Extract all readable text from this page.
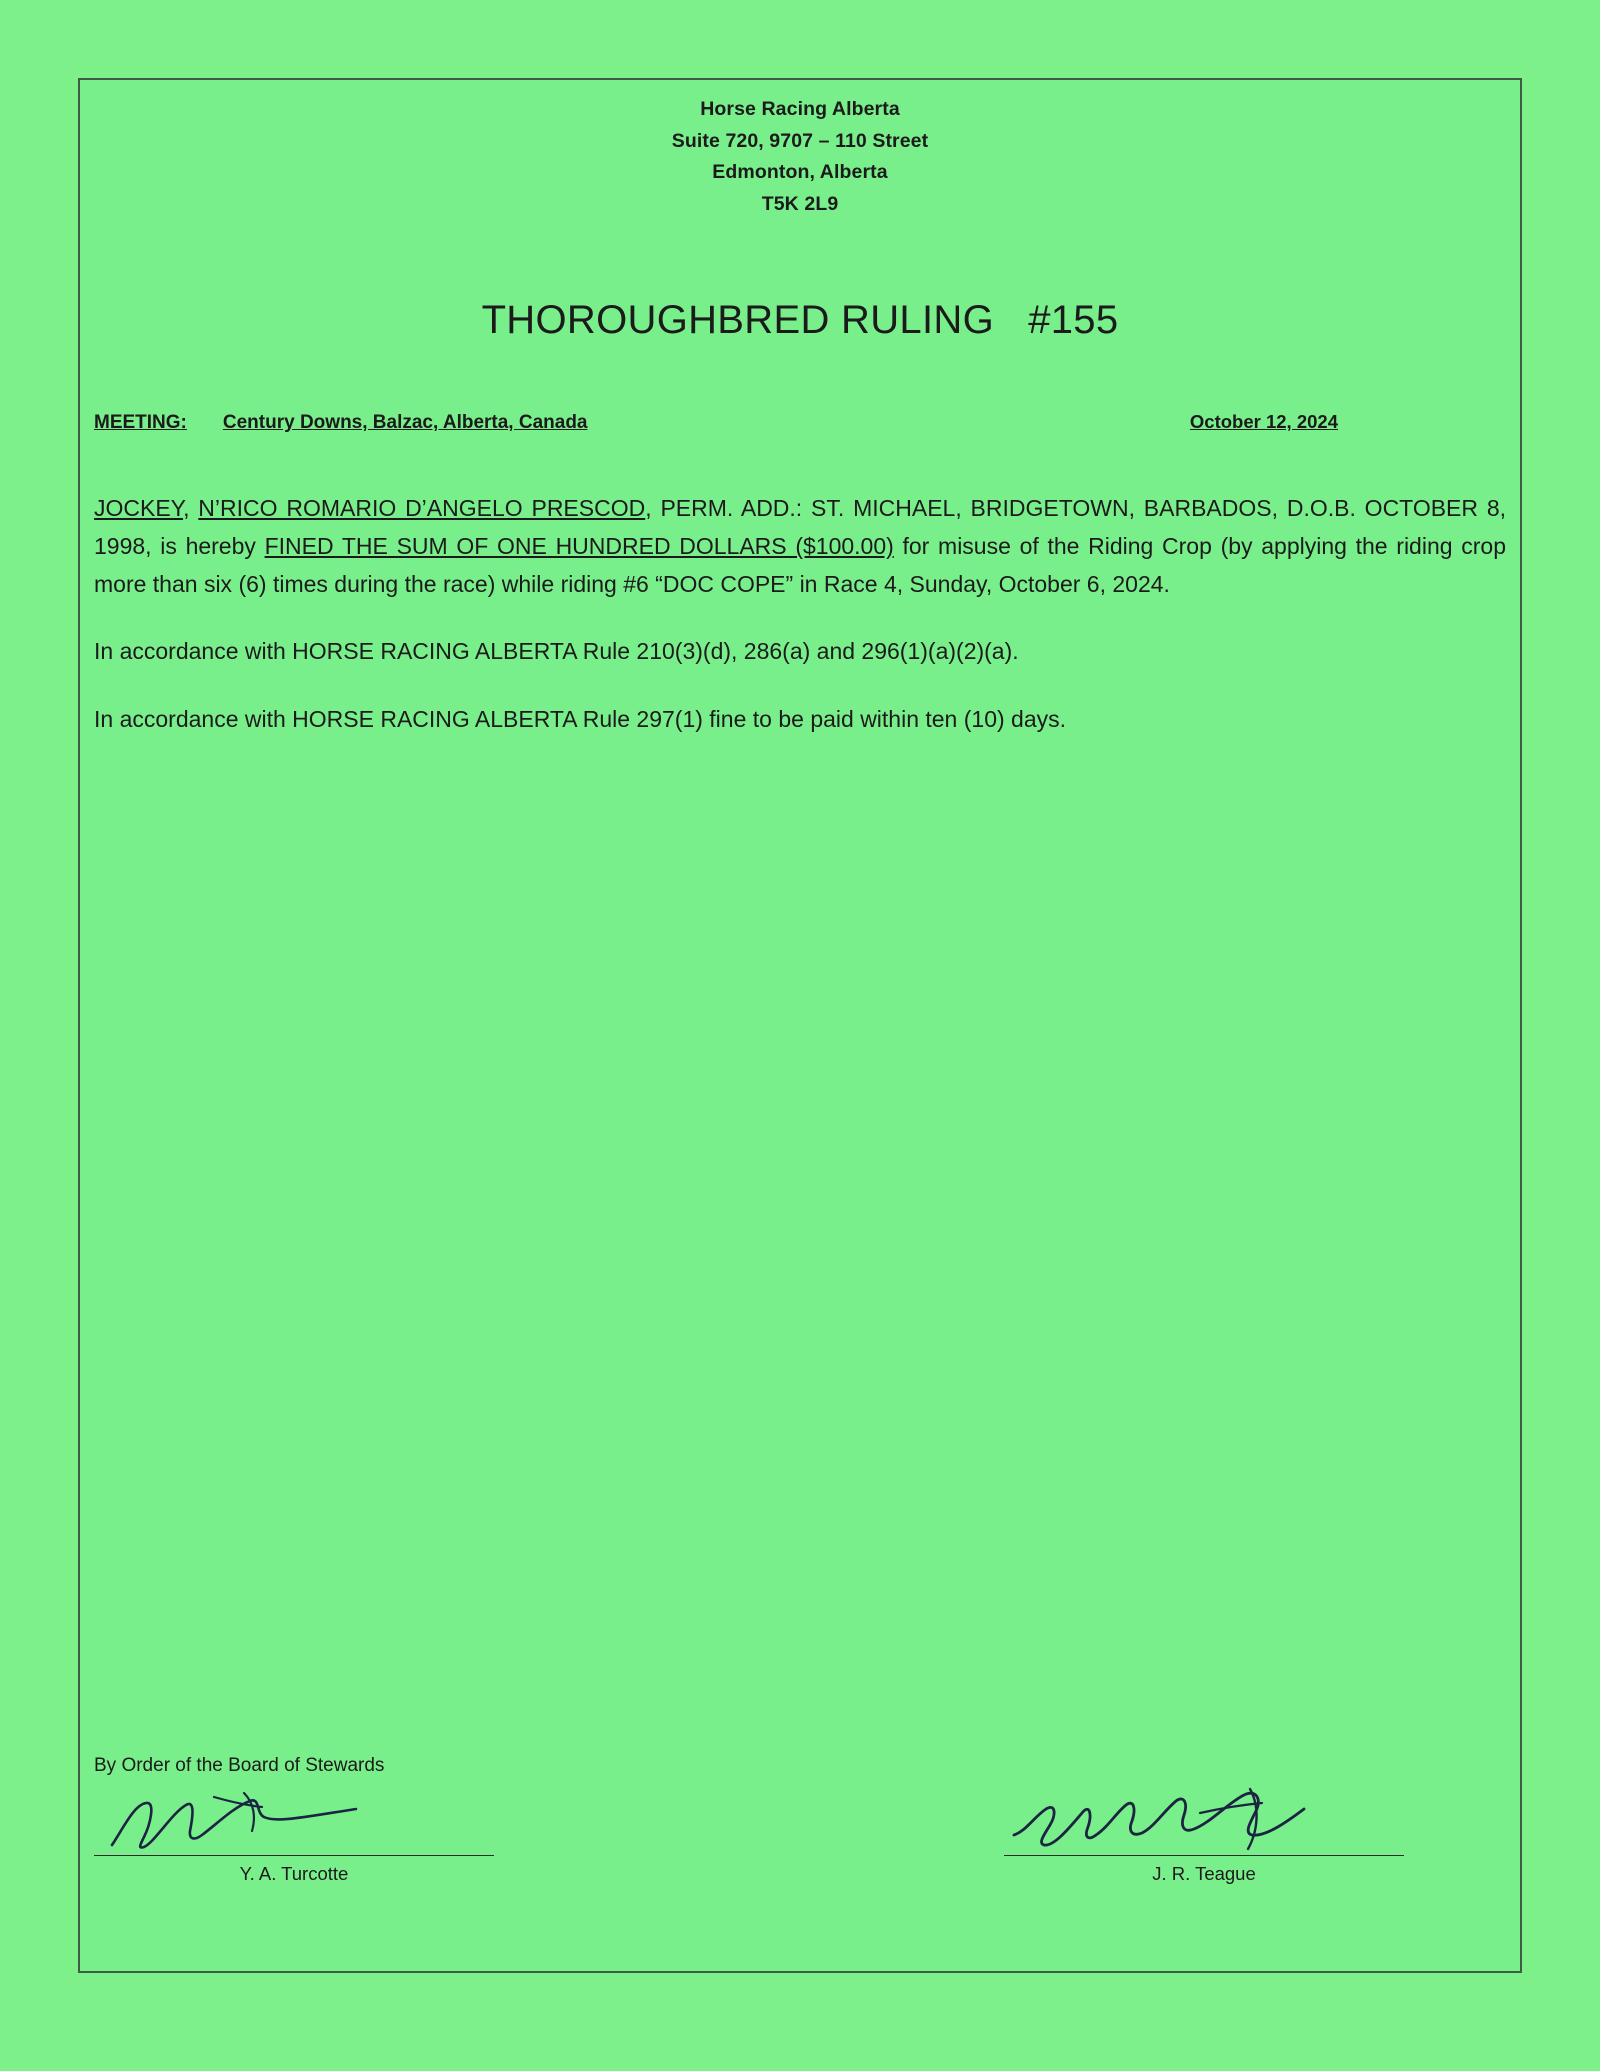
Horse Racing Alberta
Suite 720, 9707 – 110 Street
Edmonton, Alberta
T5K 2L9
THOROUGHBRED RULING   #155
MEETING: Century Downs, Balzac, Alberta, Canada	October 12, 2024

JOCKEY, N’RICO ROMARIO D’ANGELO PRESCOD, PERM. ADD.: ST. MICHAEL, BRIDGETOWN, BARBADOS, D.O.B. OCTOBER 8, 1998, is hereby FINED THE SUM OF ONE HUNDRED DOLLARS ($100.00) for misuse of the Riding Crop (by applying the riding crop more than six (6) times during the race) while riding #6 “DOC COPE” in Race 4, Sunday, October 6, 2024.

In accordance with HORSE RACING ALBERTA Rule 210(3)(d), 286(a) and 296(1)(a)(2)(a).

In accordance with HORSE RACING ALBERTA Rule 297(1) fine to be paid within ten (10) days.

By Order of the Board of Stewards
Y. A. Turcotte	J. R. Teague
